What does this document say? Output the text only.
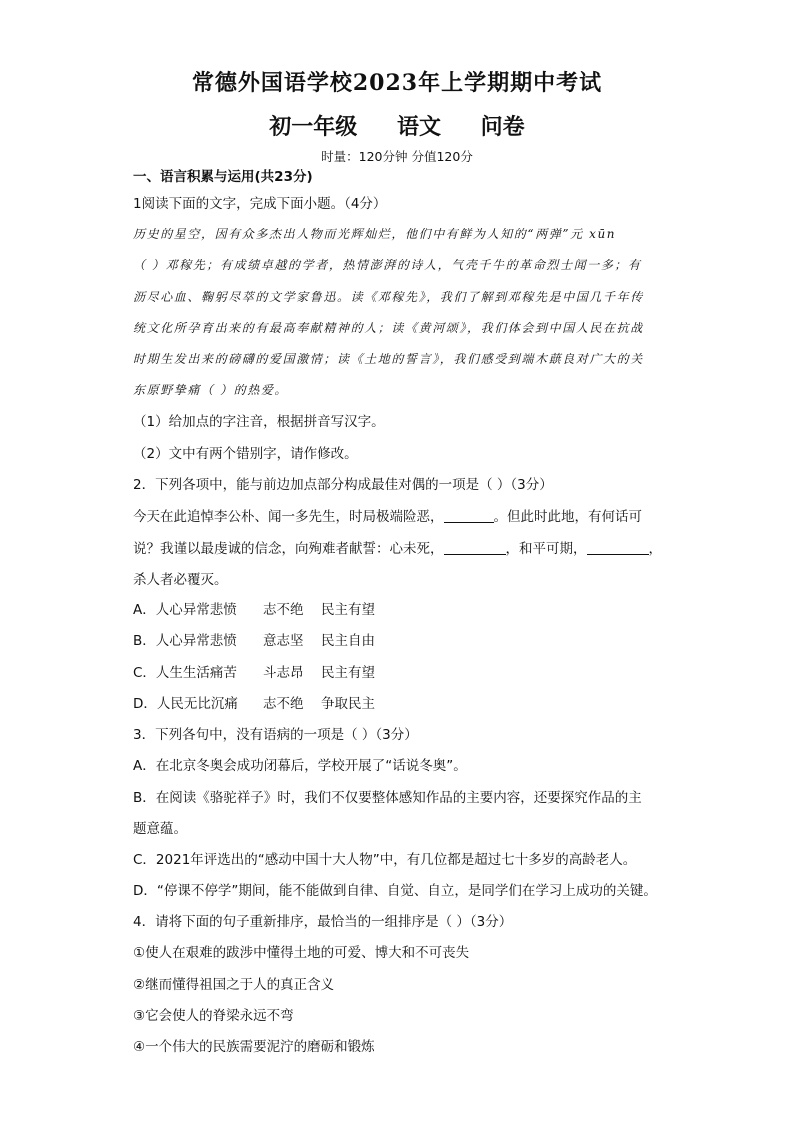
常德外国语学校2023年上学期期中考试
初一年级 语文 问卷
时量：120分钟 分值120分
一、语言积累与运用(共23分)
1阅读下面的文字，完成下面小题。（4分）
历史的星空，因有众多杰出人物而光辉灿烂，他们中有鲜为人知的“两弹”元 xūn
（ ）邓稼先；有成绩卓越的学者，热情澎湃的诗人，气壳千牛的革命烈士闻一多；有
沥尽心血、鞠躬尽萃的文学家鲁迅。读《邓稼先》，我们了解到邓稼先是中国几千年传
统文化所孕育出来的有最高奉献精神的人；读《黄河颂》，我们体会到中国人民在抗战
时期生发出来的磅礴的爱国激情；读《土地的誓言》，我们感受到端木蕻良对广大的关
东原野挚痛（ ）的热爱。
（1）给加点的字注音，根据拼音写汉字。
（2）文中有两个错别字，请作修改。
2．下列各项中，能与前边加点部分构成最佳对偶的一项是（ ）（3分）
今天在此追悼李公朴、闻一多先生，时局极端险恶，	。但此时此地，有何话可
说？我谨以最虔诚的信念，向殉难者献誓：心未死，	，和平可期，	，
杀人者必覆灭。
A．人心异常悲愤 志不绝 民主有望
B．人心异常悲愤 意志坚 民主自由
C．人生生活痛苦 斗志昂 民主有望
D．人民无比沉痛 志不绝 争取民主
3．下列各句中，没有语病的一项是（ ）（3分）
A．在北京冬奥会成功闭幕后，学校开展了“话说冬奥”。
B．在阅读《骆驼祥子》时，我们不仅要整体感知作品的主要内容，还要探究作品的主
题意蕴。
C．2021年评选出的“感动中国十大人物”中，有几位都是超过七十多岁的高龄老人。
D．“停课不停学”期间，能不能做到自律、自觉、自立，是同学们在学习上成功的关键。
4．请将下面的句子重新排序，最恰当的一组排序是（ ）（3分）
①使人在艰难的跋涉中懂得土地的可爱、博大和不可丧失
②继而懂得祖国之于人的真正含义
③它会使人的脊梁永远不弯
④一个伟大的民族需要泥泞的磨砺和锻炼
